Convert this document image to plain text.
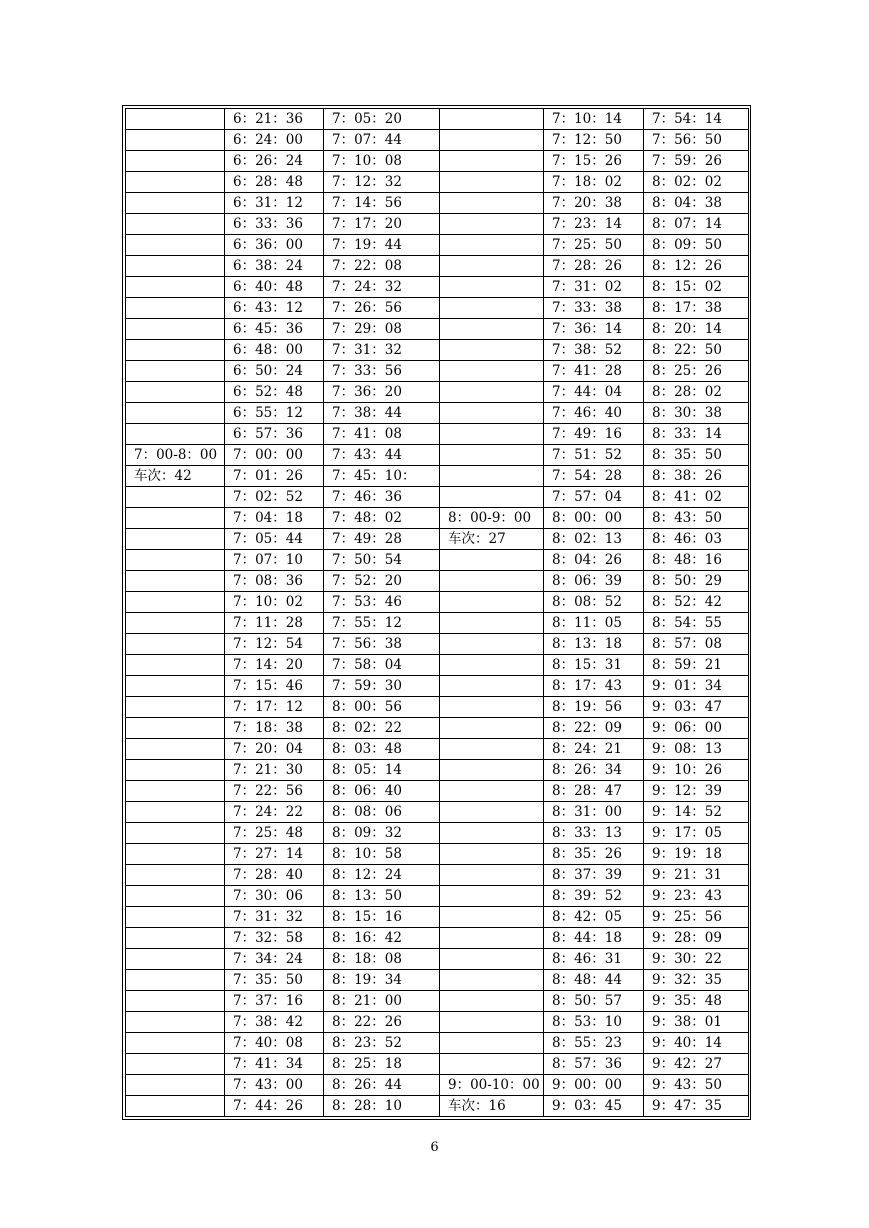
	6：21：36	7：05：20		7：10：14	7：54：14
	6：24：00	7：07：44		7：12：50	7：56：50
	6：26：24	7：10：08		7：15：26	7：59：26
	6：28：48	7：12：32		7：18：02	8：02：02
	6：31：12	7：14：56		7：20：38	8：04：38
	6：33：36	7：17：20		7：23：14	8：07：14
	6：36：00	7：19：44		7：25：50	8：09：50
	6：38：24	7：22：08		7：28：26	8：12：26
	6：40：48	7：24：32		7：31：02	8：15：02
	6：43：12	7：26：56		7：33：38	8：17：38
	6：45：36	7：29：08		7：36：14	8：20：14
	6：48：00	7：31：32		7：38：52	8：22：50
	6：50：24	7：33：56		7：41：28	8：25：26
	6：52：48	7：36：20		7：44：04	8：28：02
	6：55：12	7：38：44		7：46：40	8：30：38
	6：57：36	7：41：08		7：49：16	8：33：14
7：00-8：00	7：00：00	7：43：44		7：51：52	8：35：50
车次：42	7：01：26	7：45：10：		7：54：28	8：38：26
	7：02：52	7：46：36		7：57：04	8：41：02
	7：04：18	7：48：02	8：00-9：00	8：00：00	8：43：50
	7：05：44	7：49：28	车次：27	8：02：13	8：46：03
	7：07：10	7：50：54		8：04：26	8：48：16
	7：08：36	7：52：20		8：06：39	8：50：29
	7：10：02	7：53：46		8：08：52	8：52：42
	7：11：28	7：55：12		8：11：05	8：54：55
	7：12：54	7：56：38		8：13：18	8：57：08
	7：14：20	7：58：04		8：15：31	8：59：21
	7：15：46	7：59：30		8：17：43	9：01：34
	7：17：12	8：00：56		8：19：56	9：03：47
	7：18：38	8：02：22		8：22：09	9：06：00
	7：20：04	8：03：48		8：24：21	9：08：13
	7：21：30	8：05：14		8：26：34	9：10：26
	7：22：56	8：06：40		8：28：47	9：12：39
	7：24：22	8：08：06		8：31：00	9：14：52
	7：25：48	8：09：32		8：33：13	9：17：05
	7：27：14	8：10：58		8：35：26	9：19：18
	7：28：40	8：12：24		8：37：39	9：21：31
	7：30：06	8：13：50		8：39：52	9：23：43
	7：31：32	8：15：16		8：42：05	9：25：56
	7：32：58	8：16：42		8：44：18	9：28：09
	7：34：24	8：18：08		8：46：31	9：30：22
	7：35：50	8：19：34		8：48：44	9：32：35
	7：37：16	8：21：00		8：50：57	9：35：48
	7：38：42	8：22：26		8：53：10	9：38：01
	7：40：08	8：23：52		8：55：23	9：40：14
	7：41：34	8：25：18		8：57：36	9：42：27
	7：43：00	8：26：44	9：00-10：00	9：00：00	9：43：50
	7：44：26	8：28：10	车次：16	9：03：45	9：47：35
6
